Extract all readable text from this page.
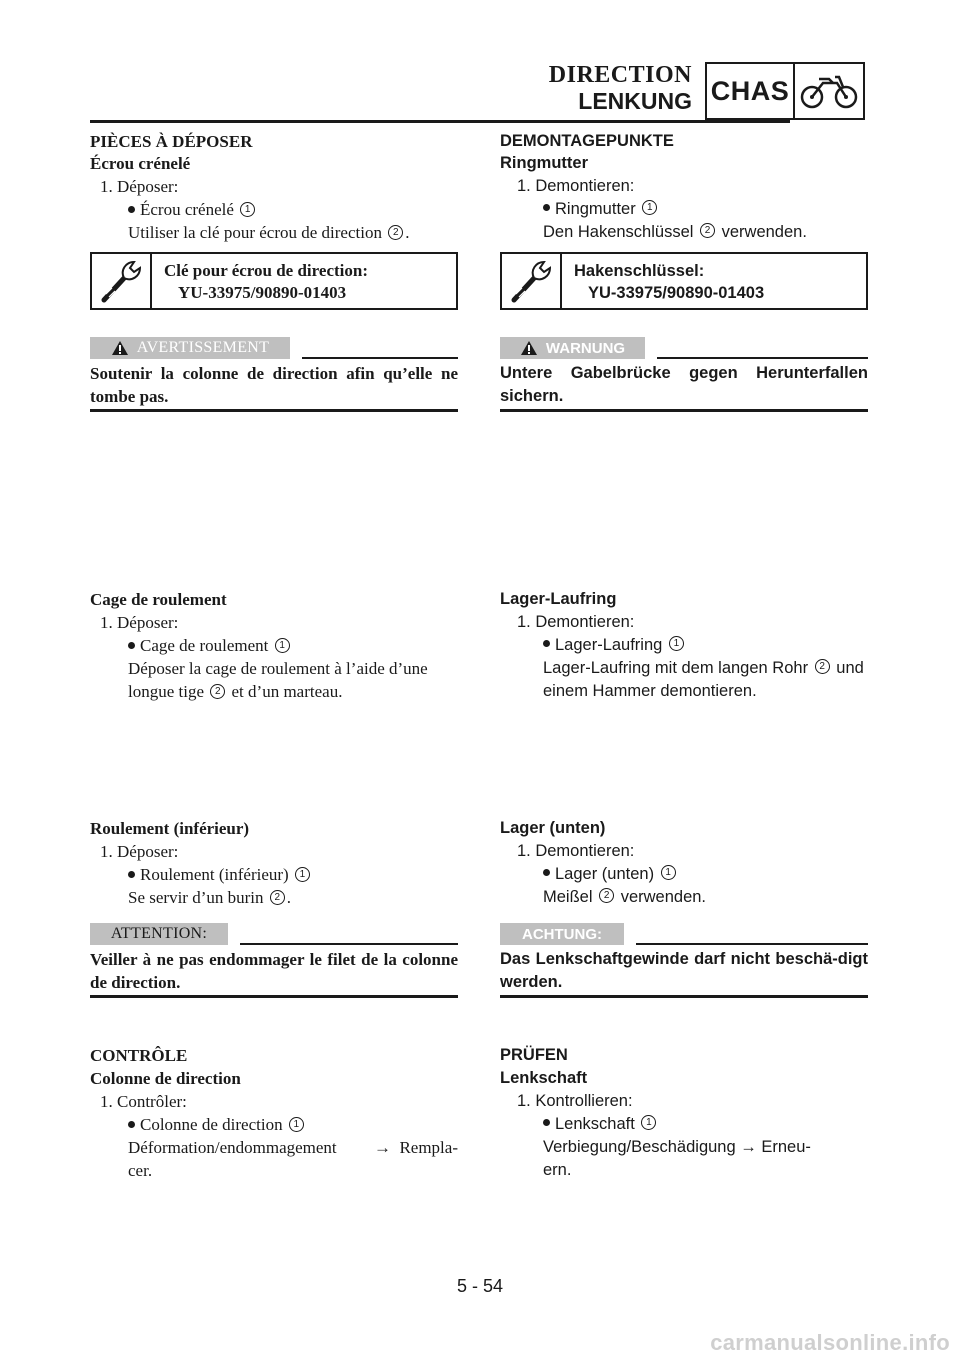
DIRECTION
LENKUNG CHAS
PIÈCES À DÉPOSER
Écrou crénelé
1. Déposer:
Écrou crénelé 1
Utiliser la clé pour écrou de direction 2 .
Clé pour écrou de direction:
YU-33975/90890-01403
AVERTISSEMENT
Soutenir la colonne de direction afin qu’elle ne tombe pas.
Cage de roulement
1. Déposer:
Cage de roulement 1
Déposer la cage de roulement à l’aide d’une longue tige 2 et d’un marteau.
Roulement (inférieur)
1. Déposer:
Roulement (inférieur) 1
Se servir d’un burin 2 .
ATTENTION:
Veiller à ne pas endommager le filet de la colonne de direction.
CONTRÔLE
Colonne de direction
1. Contrôler:
Colonne de direction 1
Déformation/endommagement → Rempla-
cer.
DEMONTAGEPUNKTE
Ringmutter
1. Demontieren:
Ringmutter 1
Den Hakenschlüssel 2 verwenden.
Hakenschlüssel:
YU-33975/90890-01403
WARNUNG
Untere Gabelbrücke gegen Herunterfallen sichern.
Lager-Laufring
1. Demontieren:
Lager-Laufring 1
Lager-Laufring mit dem langen Rohr 2 und einem Hammer demontieren.
Lager (unten)
1. Demontieren:
Lager (unten) 1
Meißel 2 verwenden.
ACHTUNG:
Das Lenkschaftgewinde darf nicht beschä-digt werden.
PRÜFEN
Lenkschaft
1. Kontrollieren:
Lenkschaft 1
Verbiegung/Beschädigung → Erneu-
ern.
5 - 54
carmanualsonline.info
